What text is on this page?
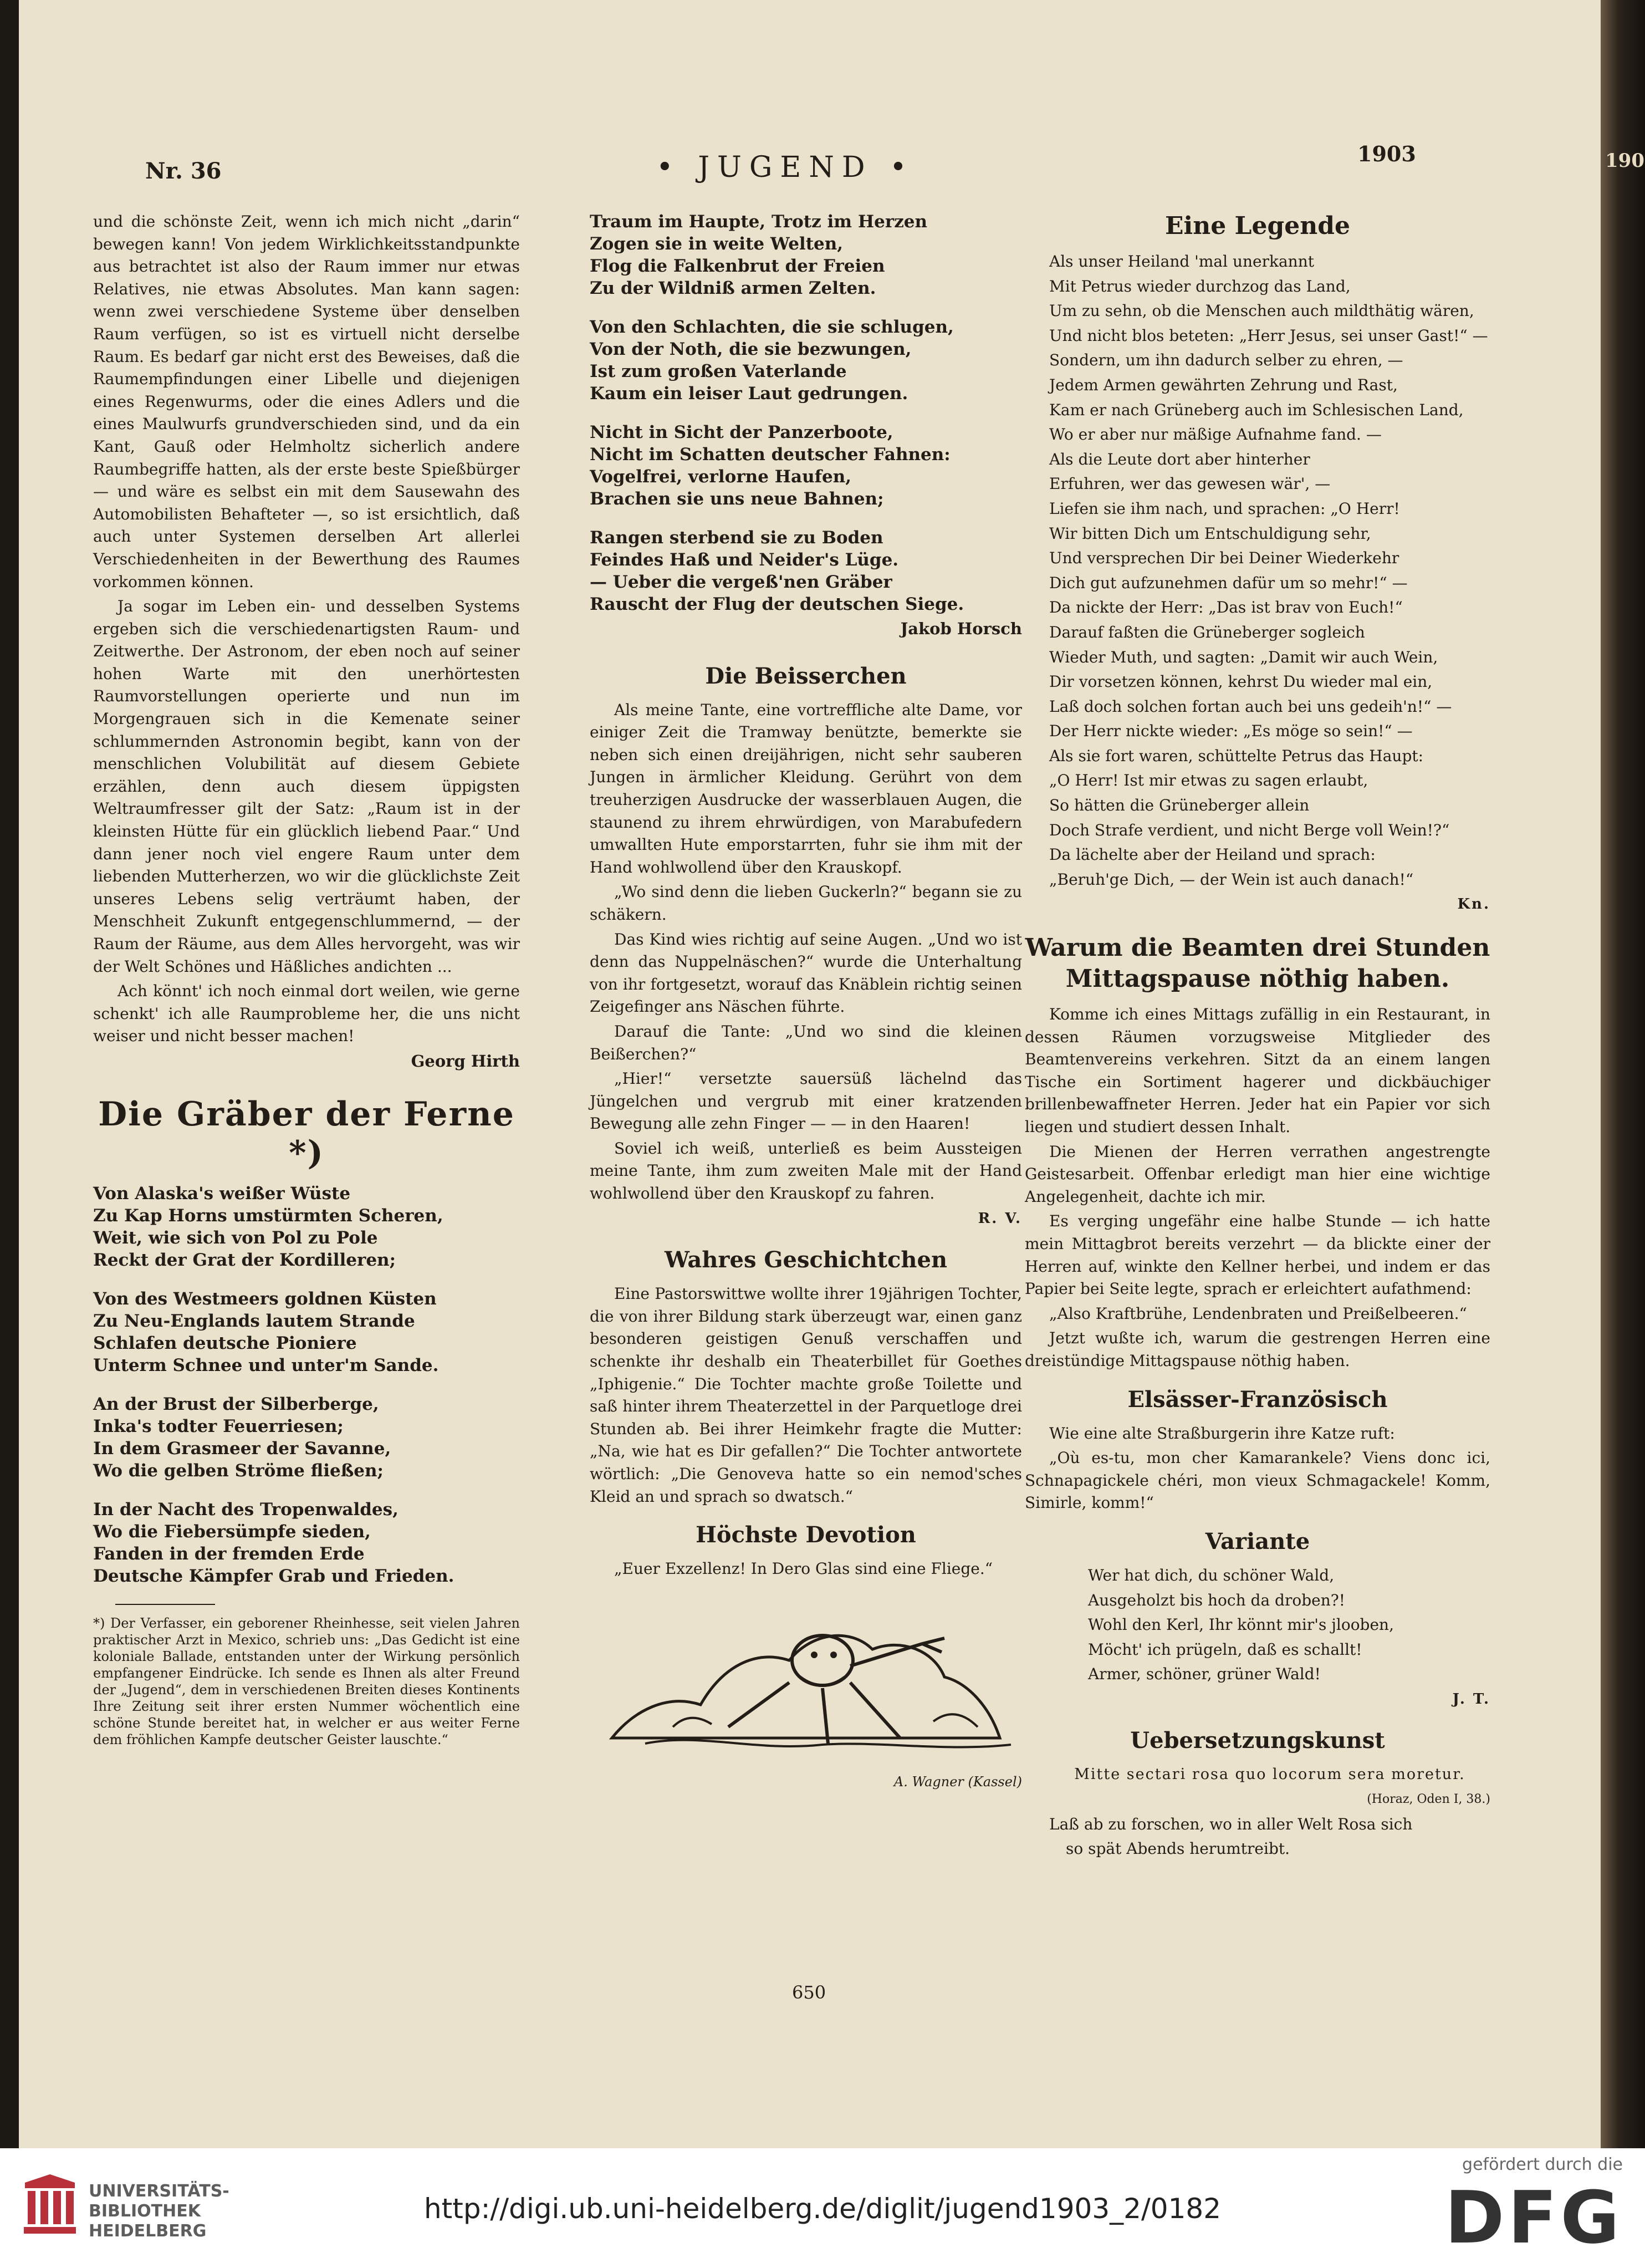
190
Nr. 36	• JUGEND •	1903

und die schönste Zeit, wenn ich mich nicht „darin“ bewegen kann! Von jedem Wirklichkeitsstandpunkte aus betrachtet ist also der Raum immer nur etwas Relatives, nie etwas Absolutes. Man kann sagen: wenn zwei verschiedene Systeme über denselben Raum verfügen, so ist es virtuell nicht derselbe Raum. Es bedarf gar nicht erst des Beweises, daß die Raumempfindungen einer Libelle und diejenigen eines Regenwurms, oder die eines Adlers und die eines Maulwurfs grundverschieden sind, und da ein Kant, Gauß oder Helmholtz sicherlich andere Raumbegriffe hatten, als der erste beste Spießbürger — und wäre es selbst ein mit dem Sausewahn des Automobilisten Behafteter —, so ist ersichtlich, daß auch unter Systemen derselben Art allerlei Verschiedenheiten in der Bewerthung des Raumes vorkommen können.

Ja sogar im Leben ein- und desselben Systems ergeben sich die verschiedenartigsten Raum- und Zeitwerthe. Der Astronom, der eben noch auf seiner hohen Warte mit den unerhörtesten Raumvorstellungen operierte und nun im Morgengrauen sich in die Kemenate seiner schlummernden Astronomin begibt, kann von der menschlichen Volubilität auf diesem Gebiete erzählen, denn auch diesem üppigsten Weltraumfresser gilt der Satz: „Raum ist in der kleinsten Hütte für ein glücklich liebend Paar.“ Und dann jener noch viel engere Raum unter dem liebenden Mutterherzen, wo wir die glücklichste Zeit unseres Lebens selig verträumt haben, der Menschheit Zukunft entgegenschlummernd, — der Raum der Räume, aus dem Alles hervorgeht, was wir der Welt Schönes und Häßliches andichten ...

Ach könnt' ich noch einmal dort weilen, wie gerne schenkt' ich alle Raumprobleme her, die uns nicht weiser und nicht besser machen!

Georg Hirth
Die Gräber der Ferne *)
Von Alaska's weißer Wüste
Zu Kap Horns umstürmten Scheren,
Weit, wie sich von Pol zu Pole
Reckt der Grat der Kordilleren;
Von des Westmeers goldnen Küsten
Zu Neu-Englands lautem Strande
Schlafen deutsche Pioniere
Unterm Schnee und unter'm Sande.
An der Brust der Silberberge,
Inka's todter Feuerriesen;
In dem Grasmeer der Savanne,
Wo die gelben Ströme fließen;
In der Nacht des Tropenwaldes,
Wo die Fiebersümpfe sieden,
Fanden in der fremden Erde
Deutsche Kämpfer Grab und Frieden.
*) Der Verfasser, ein geborener Rheinhesse, seit vielen Jahren praktischer Arzt in Mexico, schrieb uns: „Das Gedicht ist eine koloniale Ballade, entstanden unter der Wirkung persönlich empfangener Eindrücke. Ich sende es Ihnen als alter Freund der „Jugend“, dem in verschiedenen Breiten dieses Kontinents Ihre Zeitung seit ihrer ersten Nummer wöchentlich eine schöne Stunde bereitet hat, in welcher er aus weiter Ferne dem fröhlichen Kampfe deutscher Geister lauschte.“
Traum im Haupte, Trotz im Herzen
Zogen sie in weite Welten,
Flog die Falkenbrut der Freien
Zu der Wildniß armen Zelten.
Von den Schlachten, die sie schlugen,
Von der Noth, die sie bezwungen,
Ist zum großen Vaterlande
Kaum ein leiser Laut gedrungen.
Nicht in Sicht der Panzerboote,
Nicht im Schatten deutscher Fahnen:
Vogelfrei, verlorne Haufen,
Brachen sie uns neue Bahnen;
Rangen sterbend sie zu Boden
Feindes Haß und Neider's Lüge.
— Ueber die vergeß'nen Gräber
Rauscht der Flug der deutschen Siege.
Jakob Horsch
Die Beisserchen

Als meine Tante, eine vortreffliche alte Dame, vor einiger Zeit die Tramway benützte, bemerkte sie neben sich einen dreijährigen, nicht sehr sauberen Jungen in ärmlicher Kleidung. Gerührt von dem treuherzigen Ausdrucke der wasserblauen Augen, die staunend zu ihrem ehrwürdigen, von Marabufedern umwallten Hute emporstarrten, fuhr sie ihm mit der Hand wohlwollend über den Krauskopf.

„Wo sind denn die lieben Guckerln?“ begann sie zu schäkern.

Das Kind wies richtig auf seine Augen. „Und wo ist denn das Nuppelnäschen?“ wurde die Unterhaltung von ihr fortgesetzt, worauf das Knäblein richtig seinen Zeigefinger ans Näschen führte.

Darauf die Tante: „Und wo sind die kleinen Beißerchen?“

„Hier!“ versetzte sauersüß lächelnd das Jüngelchen und vergrub mit einer kratzenden Bewegung alle zehn Finger — — in den Haaren!

Soviel ich weiß, unterließ es beim Aussteigen meine Tante, ihm zum zweiten Male mit der Hand wohlwollend über den Krauskopf zu fahren.

R. V.
Wahres Geschichtchen

Eine Pastorswittwe wollte ihrer 19jährigen Tochter, die von ihrer Bildung stark überzeugt war, einen ganz besonderen geistigen Genuß verschaffen und schenkte ihr deshalb ein Theaterbillet für Goethes „Iphigenie.“ Die Tochter machte große Toilette und saß hinter ihrem Theaterzettel in der Parquetloge drei Stunden ab. Bei ihrer Heimkehr fragte die Mutter: „Na, wie hat es Dir gefallen?“ Die Tochter antwortete wörtlich: „Die Genoveva hatte so ein nemod'sches Kleid an und sprach so dwatsch.“

Höchste Devotion

„Euer Exzellenz! In Dero Glas sind eine Fliege.“

A. Wagner (Kassel)
Eine Legende

Als unser Heiland 'mal unerkannt

Mit Petrus wieder durchzog das Land,

Um zu sehn, ob die Menschen auch mildthätig wären,

Und nicht blos beteten: „Herr Jesus, sei unser Gast!“ —

Sondern, um ihn dadurch selber zu ehren, —

Jedem Armen gewährten Zehrung und Rast,

Kam er nach Grüneberg auch im Schlesischen Land,

Wo er aber nur mäßige Aufnahme fand. —

Als die Leute dort aber hinterher

Erfuhren, wer das gewesen wär', —

Liefen sie ihm nach, und sprachen: „O Herr!

Wir bitten Dich um Entschuldigung sehr,

Und versprechen Dir bei Deiner Wiederkehr

Dich gut aufzunehmen dafür um so mehr!“ —

Da nickte der Herr: „Das ist brav von Euch!“

Darauf faßten die Grüneberger sogleich

Wieder Muth, und sagten: „Damit wir auch Wein,

Dir vorsetzen können, kehrst Du wieder mal ein,

Laß doch solchen fortan auch bei uns gedeih'n!“ —

Der Herr nickte wieder: „Es möge so sein!“ —

Als sie fort waren, schüttelte Petrus das Haupt:

„O Herr! Ist mir etwas zu sagen erlaubt,

So hätten die Grüneberger allein

Doch Strafe verdient, und nicht Berge voll Wein!?“

Da lächelte aber der Heiland und sprach:

„Beruh'ge Dich, — der Wein ist auch danach!“

Kn.
Warum die Beamten drei Stunden Mittagspause nöthig haben.

Komme ich eines Mittags zufällig in ein Restaurant, in dessen Räumen vorzugsweise Mitglieder des Beamtenvereins verkehren. Sitzt da an einem langen Tische ein Sortiment hagerer und dickbäuchiger brillenbewaffneter Herren. Jeder hat ein Papier vor sich liegen und studiert dessen Inhalt.

Die Mienen der Herren verrathen angestrengte Geistesarbeit. Offenbar erledigt man hier eine wichtige Angelegenheit, dachte ich mir.

Es verging ungefähr eine halbe Stunde — ich hatte mein Mittagbrot bereits verzehrt — da blickte einer der Herren auf, winkte den Kellner herbei, und indem er das Papier bei Seite legte, sprach er erleichtert aufathmend:

„Also Kraftbrühe, Lendenbraten und Preißelbeeren.“

Jetzt wußte ich, warum die gestrengen Herren eine dreistündige Mittagspause nöthig haben.

Elsässer-Französisch

Wie eine alte Straßburgerin ihre Katze ruft:

„Où es-tu, mon cher Kamarankele? Viens donc ici, Schnapagickele chéri, mon vieux Schmagackele! Komm, Simirle, komm!“

Variante

Wer hat dich, du schöner Wald,

Ausgeholzt bis hoch da droben?!

Wohl den Kerl, Ihr könnt mir's jlooben,

Möcht' ich prügeln, daß es schallt!

Armer, schöner, grüner Wald!

J. T.
Uebersetzungskunst

Mitte sectari rosa quo locorum sera moretur.

(Horaz, Oden I, 38.)

Laß ab zu forschen, wo in aller Welt Rosa sich

so spät Abends herumtreibt.

650
UNIVERSITÄTS-
BIBLIOTHEK
HEIDELBERG
http://digi.ub.uni-heidelberg.de/diglit/jugend1903_2/0182
gefördert durch die
DFG
